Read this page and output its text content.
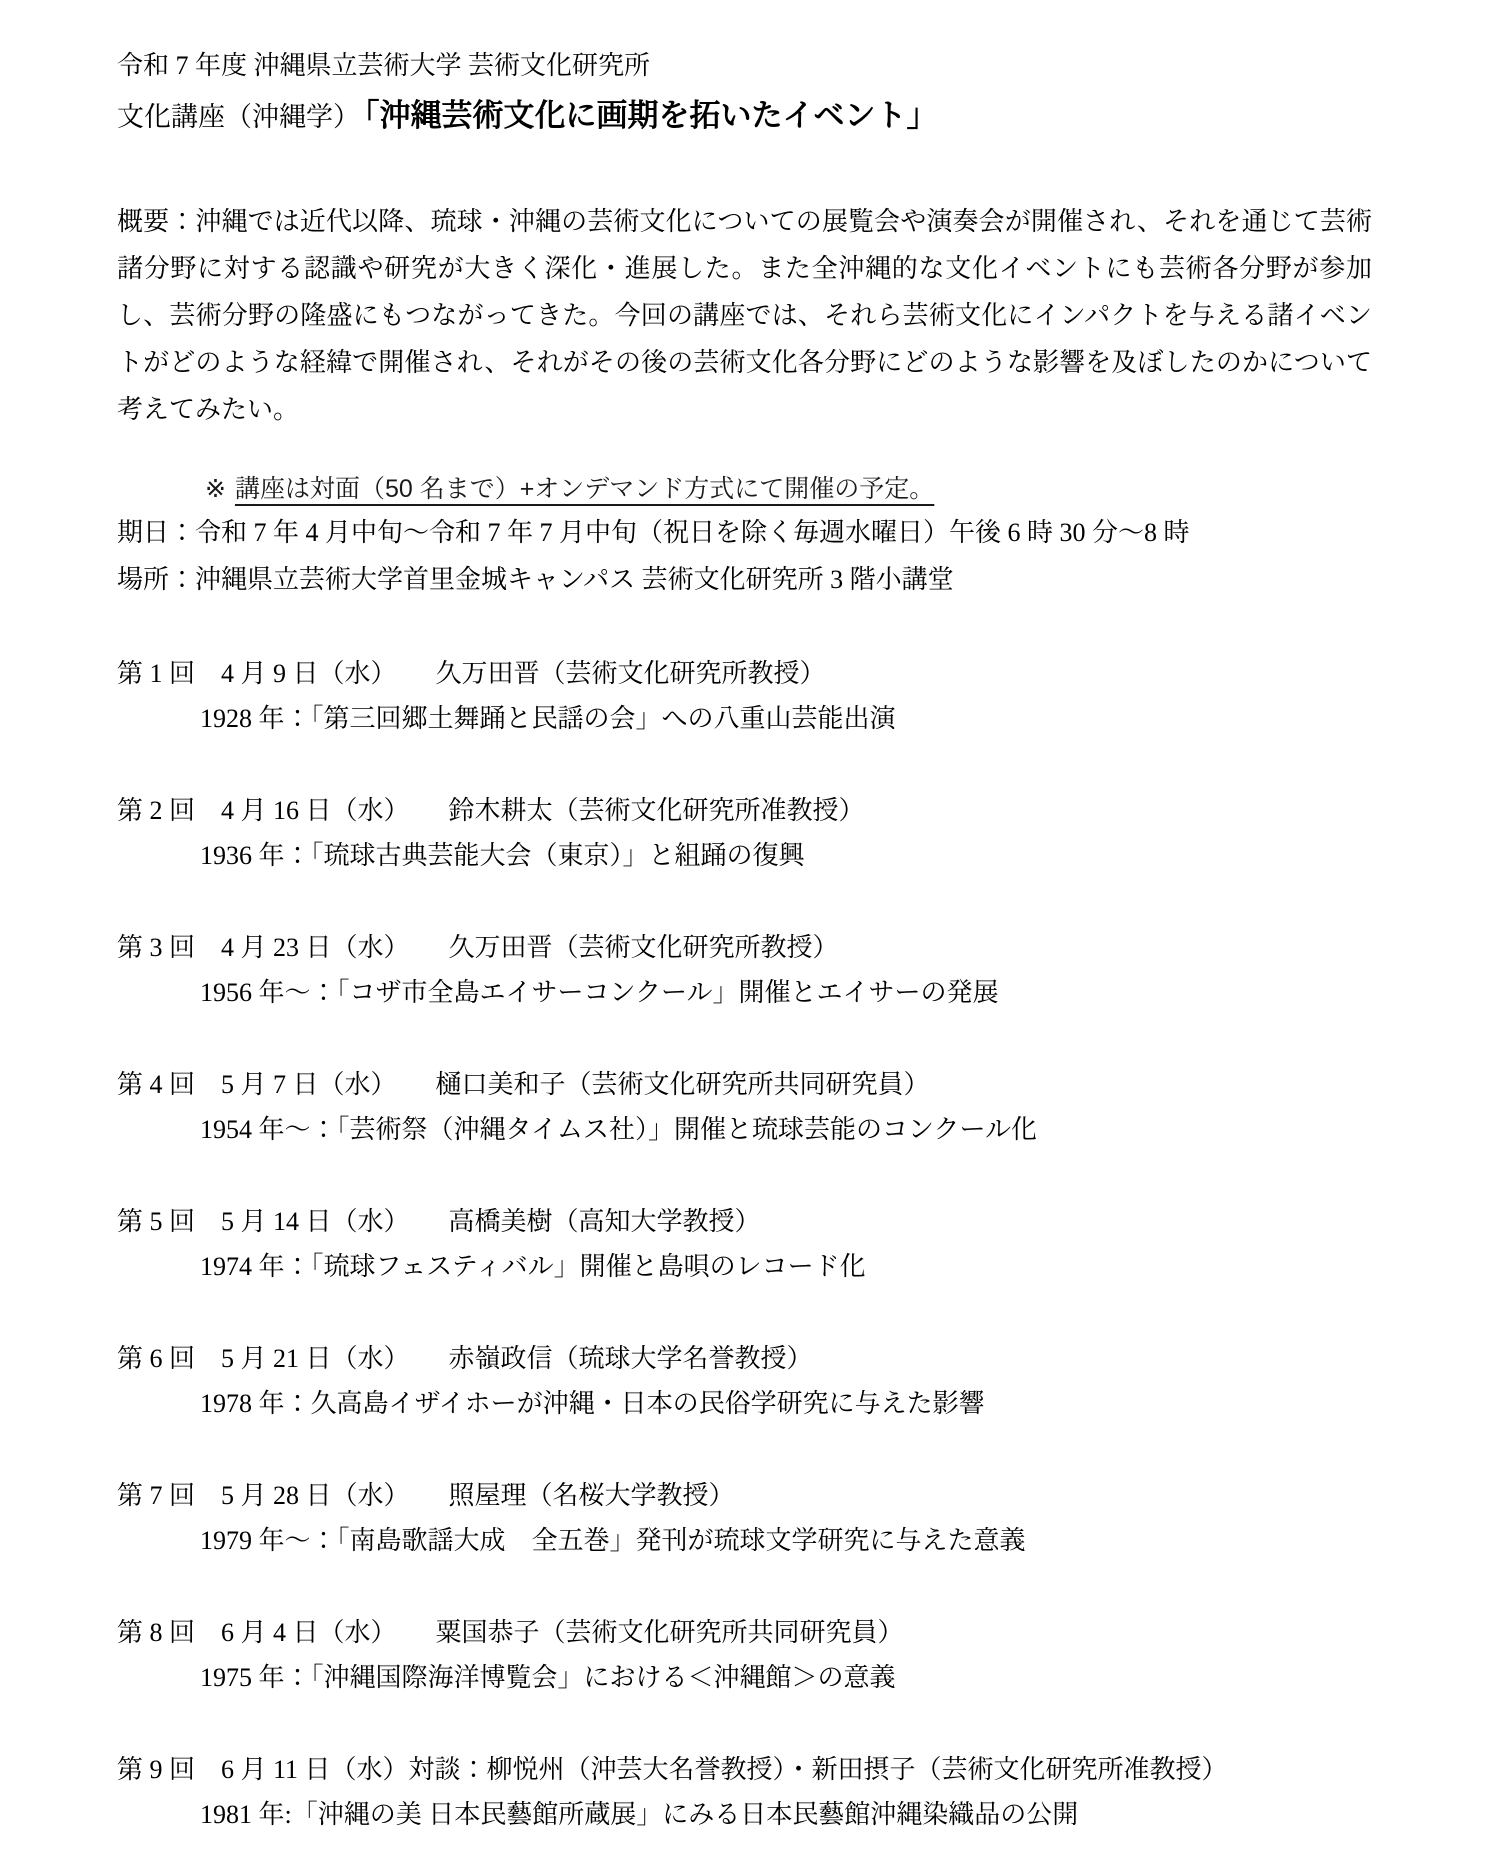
令和 7 年度 沖縄県立芸術大学 芸術文化研究所
文化講座（沖縄学） 「沖縄芸術文化に画期を拓いたイベント」
概要：沖縄では近代以降、琉球・沖縄の芸術文化についての展覧会や演奏会が開催され、それを通じて芸術諸分野に対する認識や研究が大きく深化・進展した。また全沖縄的な文化イベントにも芸術各分野が参加し、芸術分野の隆盛にもつながってきた。今回の講座では、それら芸術文化にインパクトを与える諸イベントがどのような経緯で開催され、それがその後の芸術文化各分野にどのような影響を及ぼしたのかについて考えてみたい。
※ 講座は対面（50 名まで）+オンデマンド方式にて開催の予定。
期日：令和 7 年 4 月中旬～令和 7 年 7 月中旬（祝日を除く毎週水曜日）午後 6 時 30 分～8 時
場所：沖縄県立芸術大学首里金城キャンパス 芸術文化研究所 3 階小講堂
第 1 回　4 月 9 日（水）　　久万田晋（芸術文化研究所教授）
1928 年：「第三回郷土舞踊と民謡の会」への八重山芸能出演
第 2 回　4 月 16 日（水）　　鈴木耕太（芸術文化研究所准教授）
1936 年：「琉球古典芸能大会（東京）」と組踊の復興
第 3 回　4 月 23 日（水）　　久万田晋（芸術文化研究所教授）
1956 年～：「コザ市全島エイサーコンクール」開催とエイサーの発展
第 4 回　5 月 7 日（水）　　樋口美和子（芸術文化研究所共同研究員）
1954 年～：「芸術祭（沖縄タイムス社）」開催と琉球芸能のコンクール化
第 5 回　5 月 14 日（水）　　高橋美樹（高知大学教授）
1974 年：「琉球フェスティバル」開催と島唄のレコード化
第 6 回　5 月 21 日（水）　　赤嶺政信（琉球大学名誉教授）
1978 年：久高島イザイホーが沖縄・日本の民俗学研究に与えた影響
第 7 回　5 月 28 日（水）　　照屋理（名桜大学教授）
1979 年～：「南島歌謡大成　全五巻」発刊が琉球文学研究に与えた意義
第 8 回　6 月 4 日（水）　　粟国恭子（芸術文化研究所共同研究員）
1975 年：「沖縄国際海洋博覧会」における＜沖縄館＞の意義
第 9 回　6 月 11 日（水）対談：柳悦州（沖芸大名誉教授）・新田摂子（芸術文化研究所准教授）
1981 年:「沖縄の美 日本民藝館所蔵展」にみる日本民藝館沖縄染織品の公開
